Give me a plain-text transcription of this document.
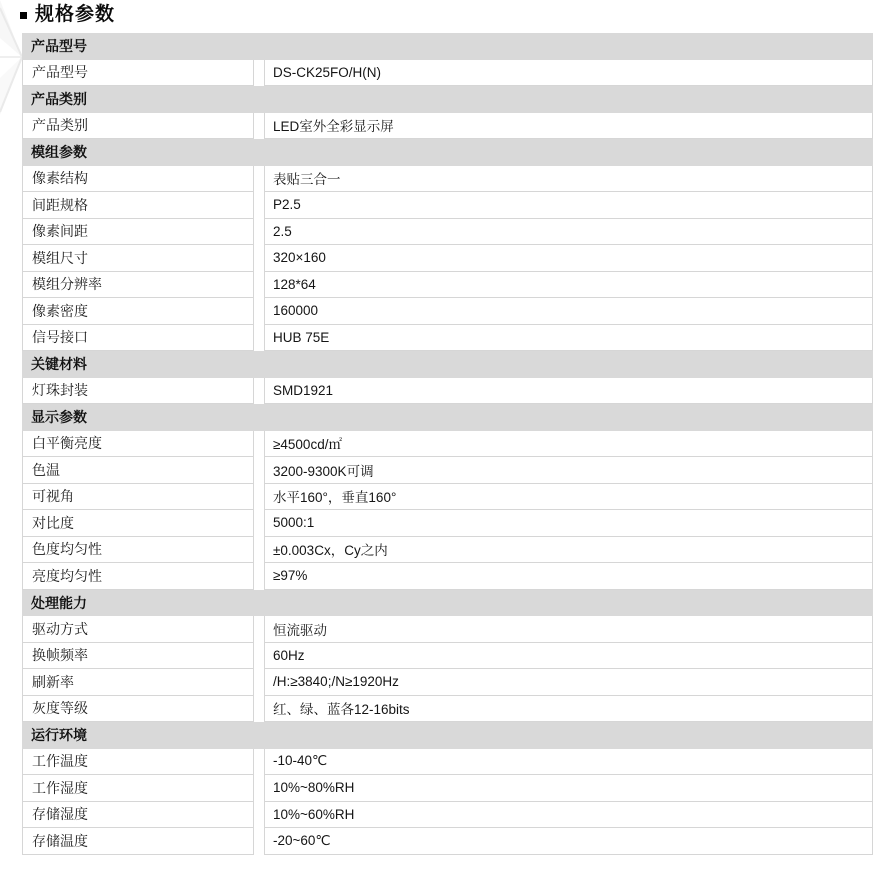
规格参数
产品型号
产品型号	DS-CK25FO/H(N)
产品类别
产品类别	LED室外全彩显示屏
模组参数
像素结构	表贴三合一
间距规格	P2.5
像素间距	2.5
模组尺寸	320×160
模组分辨率	128*64
像素密度	160000
信号接口	HUB 75E
关键材料
灯珠封装	SMD1921
显示参数
白平衡亮度	≥4500cd/㎡
色温	3200-9300K可调
可视角	水平160°，垂直160°
对比度	5000:1
色度均匀性	±0.003Cx，Cy之内
亮度均匀性	≥97%
处理能力
驱动方式	恒流驱动
换帧频率	60Hz
刷新率	/H:≥3840;/N≥1920Hz
灰度等级	红、绿、蓝各12-16bits
运行环境
工作温度	-10-40℃
工作湿度	10%~80%RH
存储湿度	10%~60%RH
存储温度	-20~60℃
